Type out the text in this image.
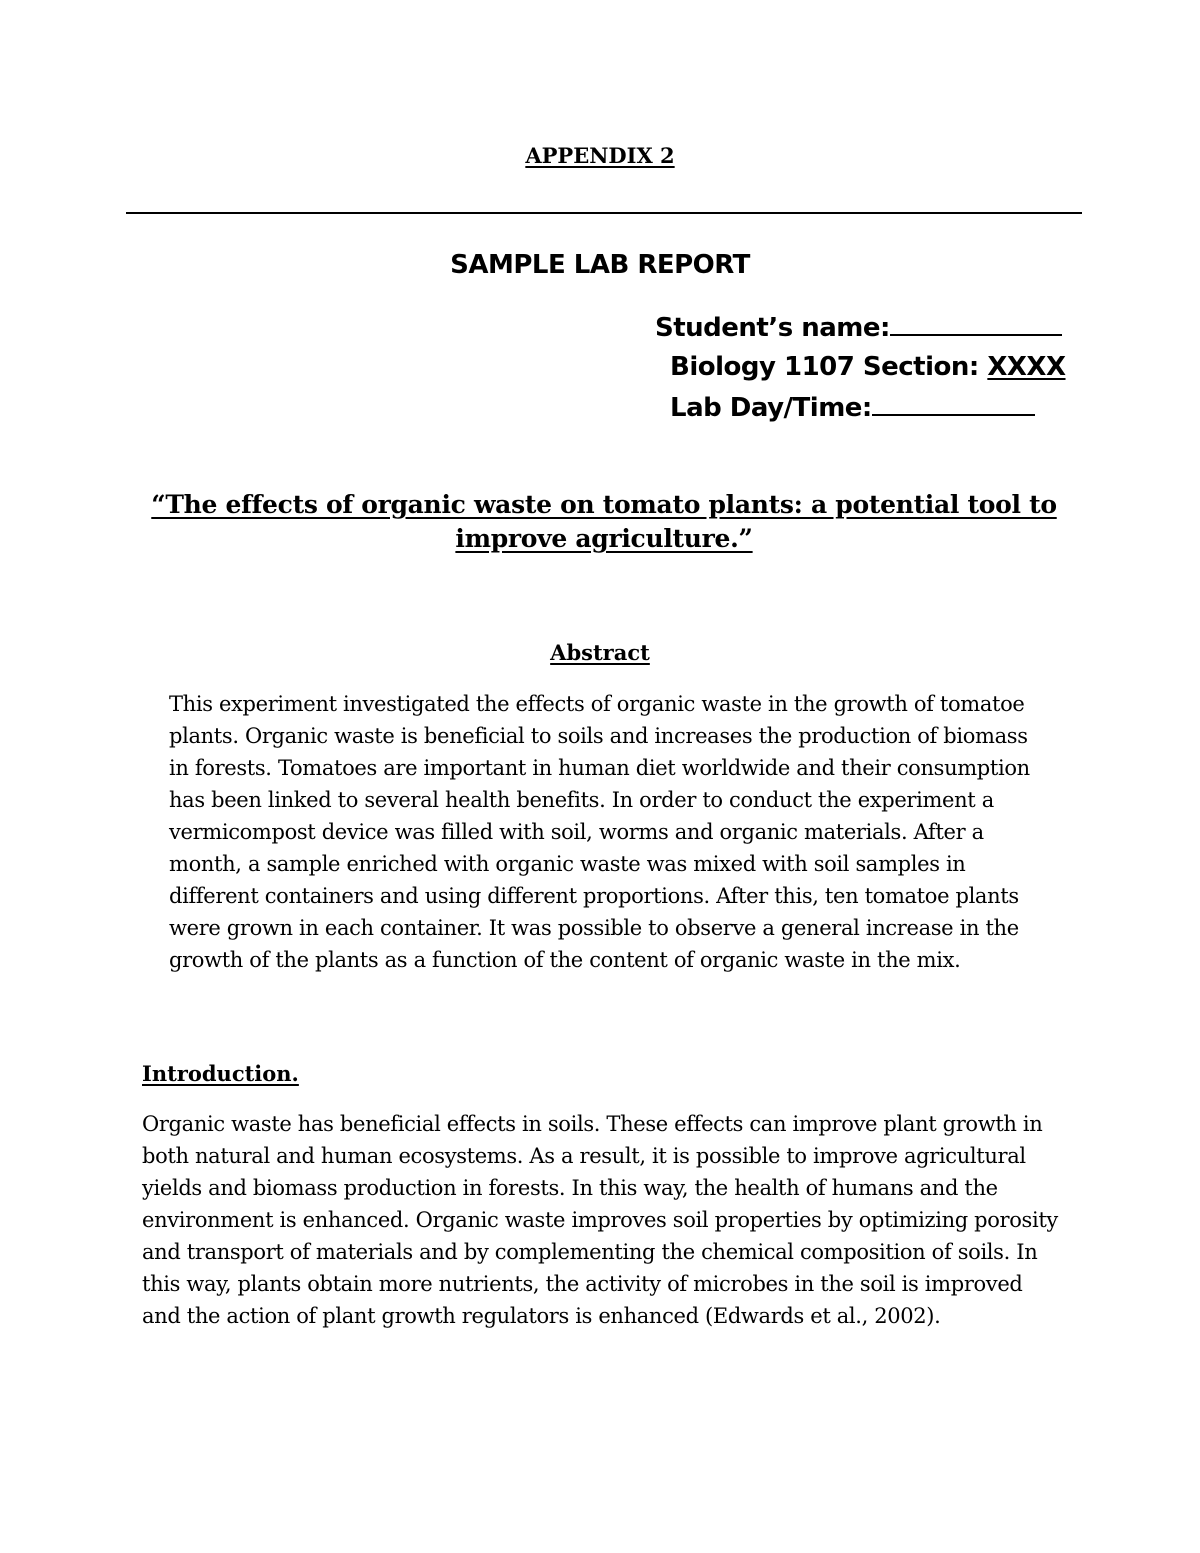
APPENDIX 2
SAMPLE LAB REPORT
Student’s name:
Biology 1107 Section: XXXX
Lab Day/Time:
“The effects of organic waste on tomato plants: a potential tool to improve agriculture.”
Abstract
This experiment investigated the effects of organic waste in the growth of tomatoe plants. Organic waste is beneficial to soils and increases the production of biomass in forests. Tomatoes are important in human diet worldwide and their consumption has been linked to several health benefits. In order to conduct the experiment a vermicompost device was filled with soil, worms and organic materials. After a month, a sample enriched with organic waste was mixed with soil samples in different containers and using different proportions. After this, ten tomatoe plants were grown in each container. It was possible to observe a general increase in the growth of the plants as a function of the content of organic waste in the mix.
Introduction.
Organic waste has beneficial effects in soils. These effects can improve plant growth in both natural and human ecosystems. As a result, it is possible to improve agricultural yields and biomass production in forests. In this way, the health of humans and the environment is enhanced. Organic waste improves soil properties by optimizing porosity and transport of materials and by complementing the chemical composition of soils. In this way, plants obtain more nutrients, the activity of microbes in the soil is improved and the action of plant growth regulators is enhanced (Edwards et al., 2002).
